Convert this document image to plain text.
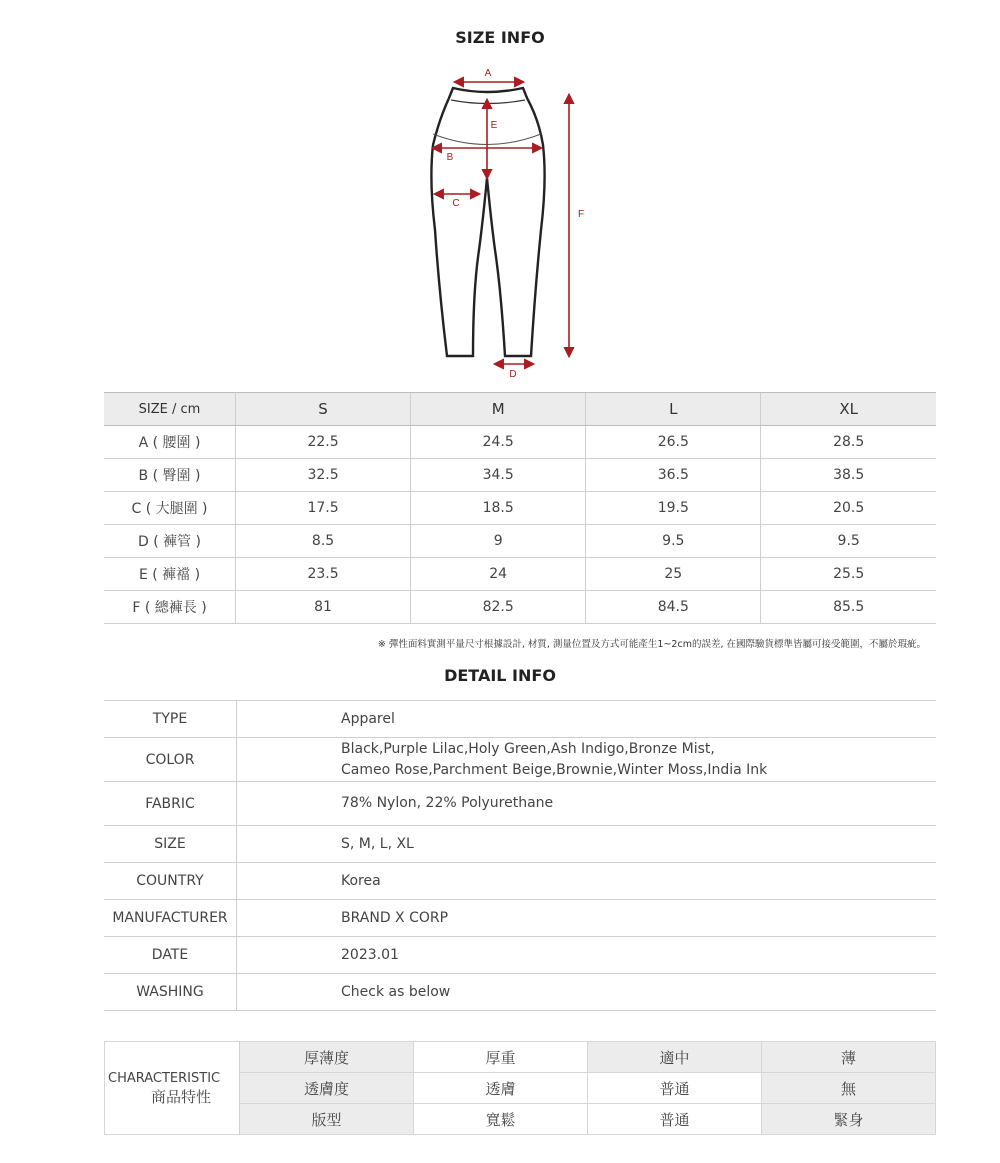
SIZE INFO
A
B
C
D
E
F
SIZE / cm	S	M	L	XL
A ( 腰圍 )	22.5	24.5	26.5	28.5
B ( 臀圍 )	32.5	34.5	36.5	38.5
C ( 大腿圍 )	17.5	18.5	19.5	20.5
D ( 褲管 )	8.5	9	9.5	9.5
E ( 褲襠 )	23.5	24	25	25.5
F ( 總褲長 )	81	82.5	84.5	85.5
※ 彈性面料實測平量尺寸根據設計, 材質, 測量位置及方式可能產生1~2cm的誤差, 在國際驗貨標準皆屬可接受範圍，不屬於瑕疵。
DETAIL INFO
TYPE	Apparel

COLOR	Black,Purple Lilac,Holy Green,Ash Indigo,Bronze Mist,
Cameo Rose,Parchment Beige,Brownie,Winter Moss,India Ink

FABRIC	78% Nylon, 22% Polyurethane

SIZE	S, M, L, XL

COUNTRY	Korea

MANUFACTURER	BRAND X CORP

DATE	2023.01

WASHING	Check as below
CHARACTERISTIC
商品特性	厚薄度	厚重	適中	薄
	透膚度	透膚	普通	無
	版型	寬鬆	普通	緊身
